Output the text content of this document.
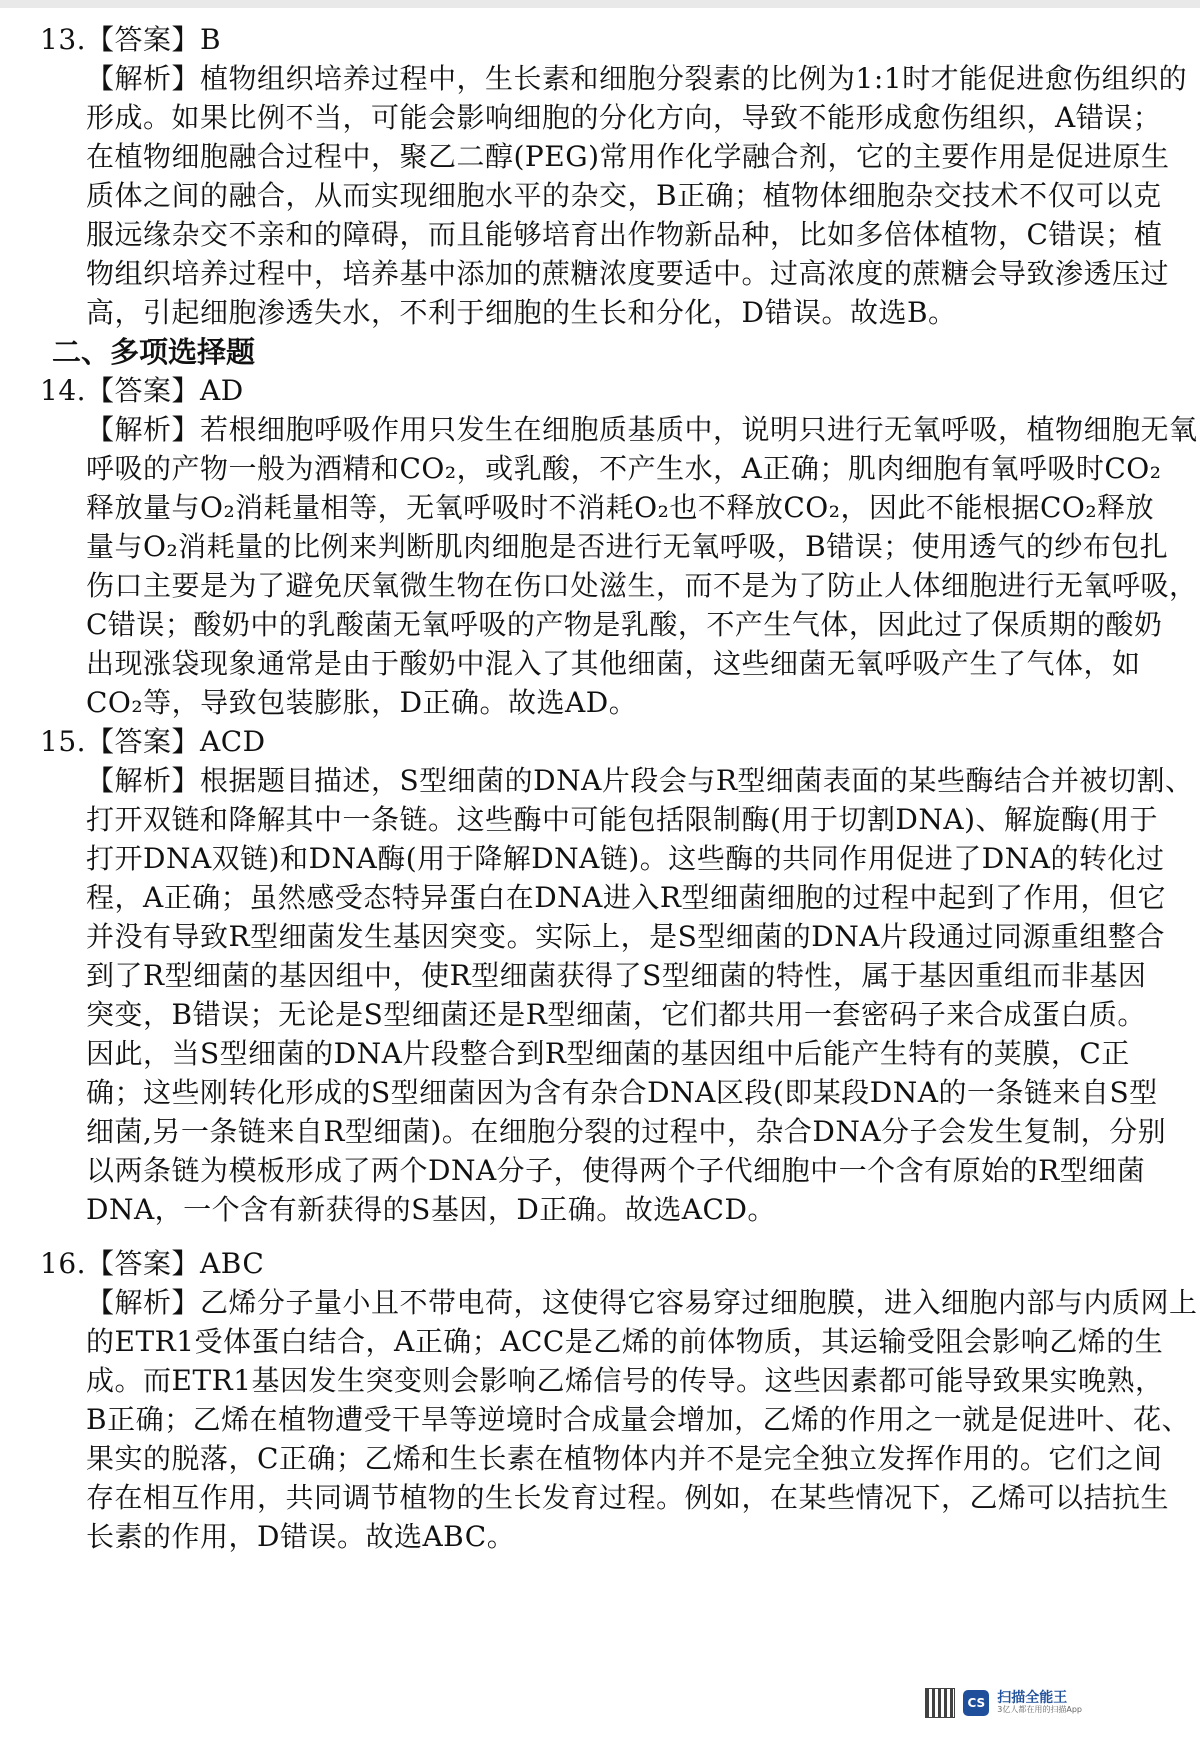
13.【答案】B
【解析】植物组织培养过程中，生长素和细胞分裂素的比例为1:1时才能促进愈伤组织的
形成。如果比例不当，可能会影响细胞的分化方向，导致不能形成愈伤组织，A错误；
在植物细胞融合过程中，聚乙二醇(PEG)常用作化学融合剂，它的主要作用是促进原生
质体之间的融合，从而实现细胞水平的杂交，B正确；植物体细胞杂交技术不仅可以克
服远缘杂交不亲和的障碍，而且能够培育出作物新品种，比如多倍体植物，C错误；植
物组织培养过程中，培养基中添加的蔗糖浓度要适中。过高浓度的蔗糖会导致渗透压过
高，引起细胞渗透失水，不利于细胞的生长和分化，D错误。故选B。
二、多项选择题
14.【答案】AD
【解析】若根细胞呼吸作用只发生在细胞质基质中，说明只进行无氧呼吸，植物细胞无氧
呼吸的产物一般为酒精和CO₂，或乳酸，不产生水，A正确；肌肉细胞有氧呼吸时CO₂
释放量与O₂消耗量相等，无氧呼吸时不消耗O₂也不释放CO₂，因此不能根据CO₂释放
量与O₂消耗量的比例来判断肌肉细胞是否进行无氧呼吸，B错误；使用透气的纱布包扎
伤口主要是为了避免厌氧微生物在伤口处滋生，而不是为了防止人体细胞进行无氧呼吸，
C错误；酸奶中的乳酸菌无氧呼吸的产物是乳酸，不产生气体，因此过了保质期的酸奶
出现涨袋现象通常是由于酸奶中混入了其他细菌，这些细菌无氧呼吸产生了气体，如
CO₂等，导致包装膨胀，D正确。故选AD。
15.【答案】ACD
【解析】根据题目描述，S型细菌的DNA片段会与R型细菌表面的某些酶结合并被切割、
打开双链和降解其中一条链。这些酶中可能包括限制酶(用于切割DNA)、解旋酶(用于
打开DNA双链)和DNA酶(用于降解DNA链)。这些酶的共同作用促进了DNA的转化过
程，A正确；虽然感受态特异蛋白在DNA进入R型细菌细胞的过程中起到了作用，但它
并没有导致R型细菌发生基因突变。实际上，是S型细菌的DNA片段通过同源重组整合
到了R型细菌的基因组中，使R型细菌获得了S型细菌的特性，属于基因重组而非基因
突变，B错误；无论是S型细菌还是R型细菌，它们都共用一套密码子来合成蛋白质。
因此，当S型细菌的DNA片段整合到R型细菌的基因组中后能产生特有的荚膜，C正
确；这些刚转化形成的S型细菌因为含有杂合DNA区段(即某段DNA的一条链来自S型
细菌,另一条链来自R型细菌)。在细胞分裂的过程中，杂合DNA分子会发生复制，分别
以两条链为模板形成了两个DNA分子，使得两个子代细胞中一个含有原始的R型细菌
DNA，一个含有新获得的S基因，D正确。故选ACD。
16.【答案】ABC
【解析】乙烯分子量小且不带电荷，这使得它容易穿过细胞膜，进入细胞内部与内质网上
的ETR1受体蛋白结合，A正确；ACC是乙烯的前体物质，其运输受阻会影响乙烯的生
成。而ETR1基因发生突变则会影响乙烯信号的传导。这些因素都可能导致果实晚熟，
B正确；乙烯在植物遭受干旱等逆境时合成量会增加，乙烯的作用之一就是促进叶、花、
果实的脱落，C正确；乙烯和生长素在植物体内并不是完全独立发挥作用的。它们之间
存在相互作用，共同调节植物的生长发育过程。例如，在某些情况下，乙烯可以拮抗生
长素的作用，D错误。故选ABC。
CS 扫描全能王
3亿人都在用的扫描App
